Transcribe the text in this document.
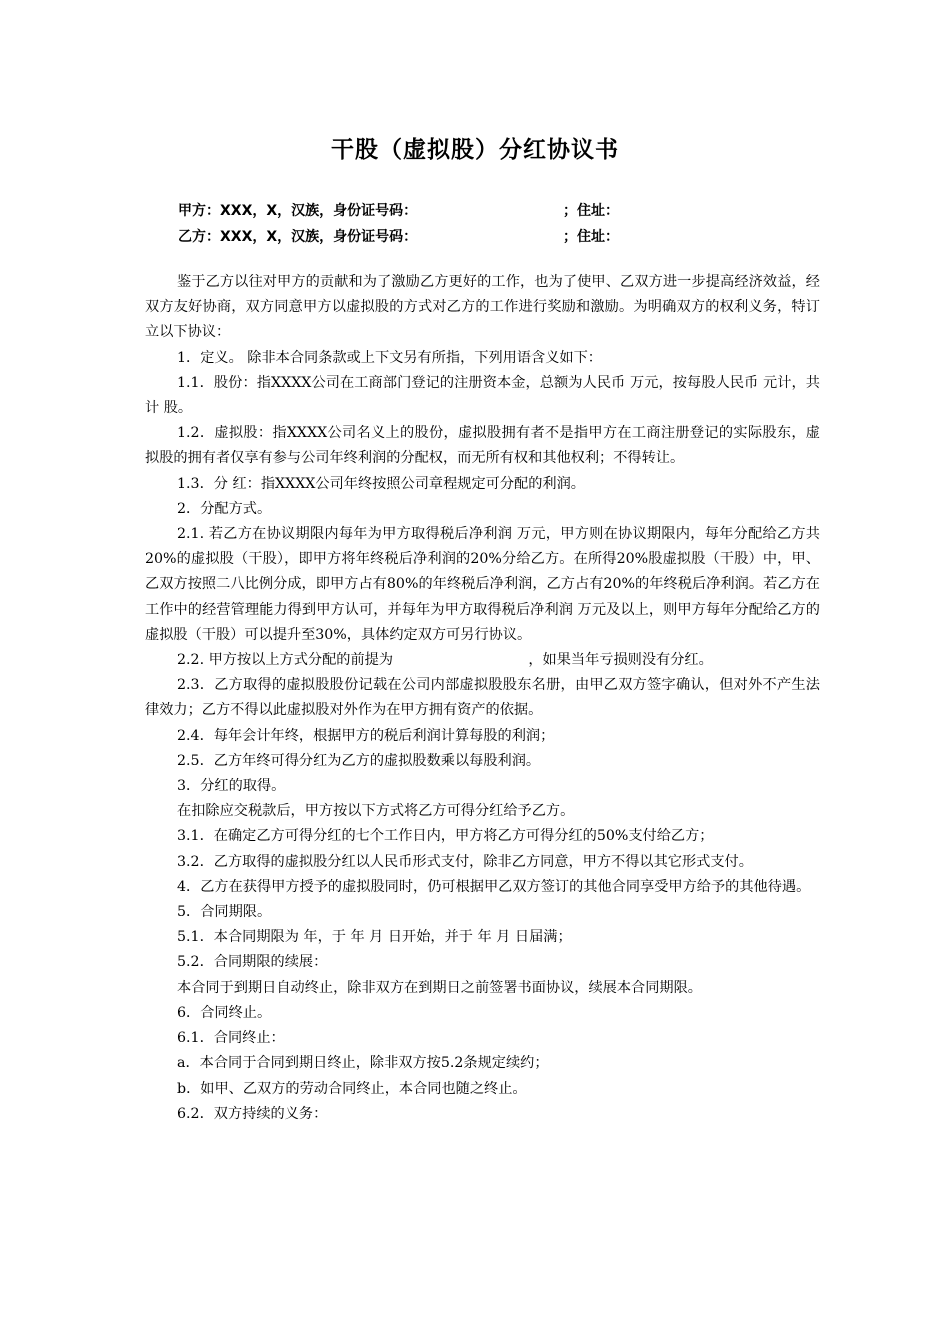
干股（虚拟股）分红协议书
甲方：XXX，X，汉族，身份证号码：	；住址：
乙方：XXX，X，汉族，身份证号码：	；住址：

鉴于乙方以往对甲方的贡献和为了激励乙方更好的工作，也为了使甲、乙双方进一步提高经济效益，经双方友好协商，双方同意甲方以虚拟股的方式对乙方的工作进行奖励和激励。为明确双方的权利义务，特订立以下协议：

1．定义。 除非本合同条款或上下文另有所指，下列用语含义如下：

1.1．股份：指XXXX公司在工商部门登记的注册资本金，总额为人民币 万元，按每股人民币 元计，共计 股。

1.2．虚拟股：指XXXX公司名义上的股份，虚拟股拥有者不是指甲方在工商注册登记的实际股东，虚拟股的拥有者仅享有参与公司年终利润的分配权，而无所有权和其他权利；不得转让。

1.3．分 红：指XXXX公司年终按照公司章程规定可分配的利润。

2．分配方式。

2.1. 若乙方在协议期限内每年为甲方取得税后净利润 万元，甲方则在协议期限内，每年分配给乙方共20%的虚拟股（干股），即甲方将年终税后净利润的20%分给乙方。在所得20%股虚拟股（干股）中，甲、乙双方按照二八比例分成，即甲方占有80%的年终税后净利润，乙方占有20%的年终税后净利润。若乙方在工作中的经营管理能力得到甲方认可，并每年为甲方取得税后净利润 万元及以上，则甲方每年分配给乙方的虚拟股（干股）可以提升至30%，具体约定双方可另行协议。

2.2. 甲方按以上方式分配的前提为                              ，如果当年亏损则没有分红。

2.3．乙方取得的虚拟股股份记载在公司内部虚拟股股东名册，由甲乙双方签字确认，但对外不产生法律效力；乙方不得以此虚拟股对外作为在甲方拥有资产的依据。

2.4．每年会计年终，根据甲方的税后利润计算每股的利润；

2.5．乙方年终可得分红为乙方的虚拟股数乘以每股利润。

3．分红的取得。

在扣除应交税款后，甲方按以下方式将乙方可得分红给予乙方。

3.1．在确定乙方可得分红的七个工作日内，甲方将乙方可得分红的50%支付给乙方；

3.2．乙方取得的虚拟股分红以人民币形式支付，除非乙方同意，甲方不得以其它形式支付。

4．乙方在获得甲方授予的虚拟股同时，仍可根据甲乙双方签订的其他合同享受甲方给予的其他待遇。

5．合同期限。

5.1．本合同期限为 年，于 年 月 日开始，并于 年 月 日届满；

5.2．合同期限的续展：

本合同于到期日自动终止，除非双方在到期日之前签署书面协议，续展本合同期限。

6．合同终止。

6.1．合同终止：

a．本合同于合同到期日终止，除非双方按5.2条规定续约；

b．如甲、乙双方的劳动合同终止，本合同也随之终止。

6.2．双方持续的义务：
